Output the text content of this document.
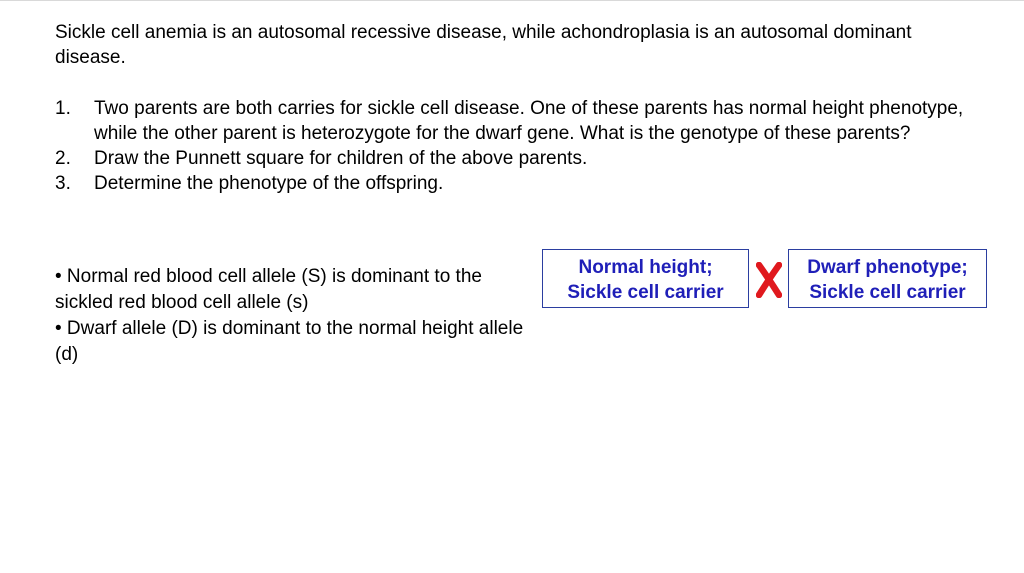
Sickle cell anemia is an autosomal recessive disease, while achondroplasia is an autosomal dominant disease.

1. Two parents are both carries for sickle cell disease. One of these parents has normal height phenotype, while the other parent is heterozygote for the dwarf gene. What is the genotype of these parents?
2. Draw the Punnett square for children of the above parents.
3. Determine the phenotype of the offspring.
• Normal red blood cell allele (S) is dominant to the sickled red blood cell allele (s)
• Dwarf allele (D) is dominant to the normal height allele (d)
Normal height;
Sickle cell carrier
Dwarf phenotype;
Sickle cell carrier
